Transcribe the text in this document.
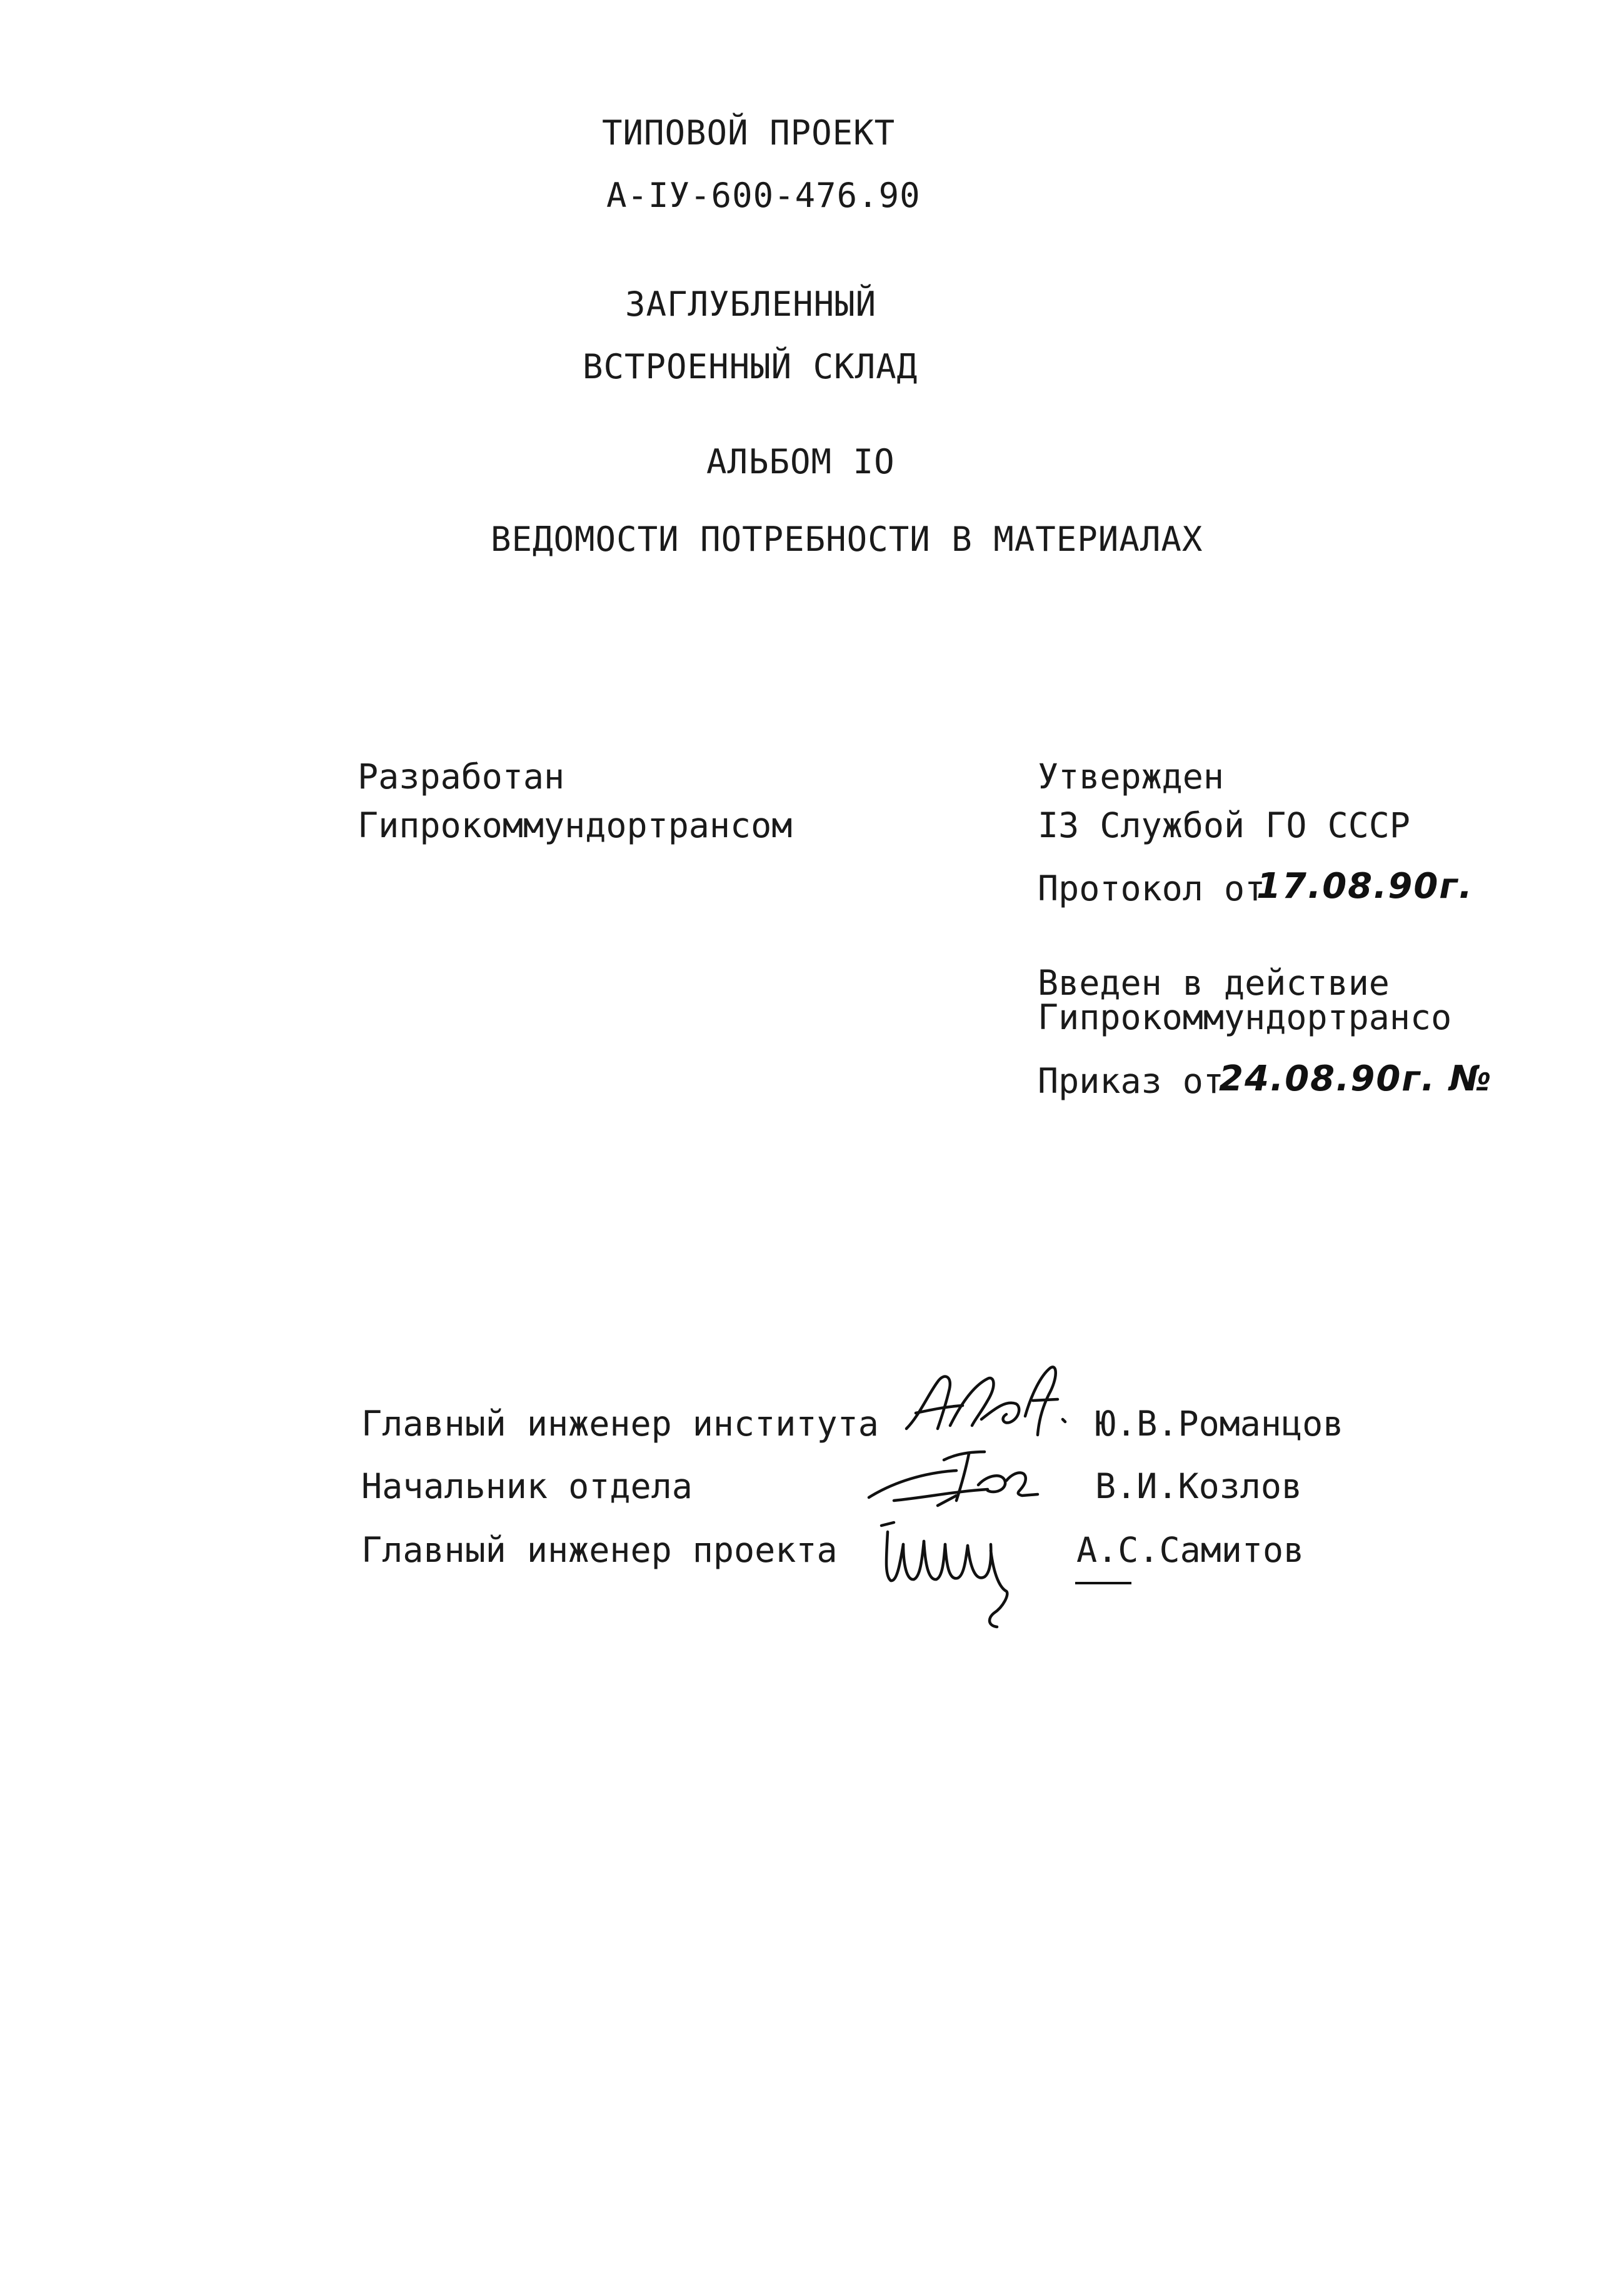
ТИПОВОЙ ПРОЕКТ
А-IУ-600-476.90
ЗАГЛУБЛЕННЫЙ
ВСТРОЕННЫЙ СКЛАД
АЛЬБОМ IО
ВЕДОМОСТИ ПОТРЕБНОСТИ В МАТЕРИАЛАХ
Разработан
Гипрокоммундортрансом
Утвержден
IЗ Службой ГО СССР
Протокол от
17.08.90г.
Введен в действие
Гипрокоммундортрансо
Приказ от
24.08.90г. №
Главный инженер института	Ю.В.Романцов
Начальник отдела	В.И.Козлов
Главный инженер проекта	А.С.Самитов
